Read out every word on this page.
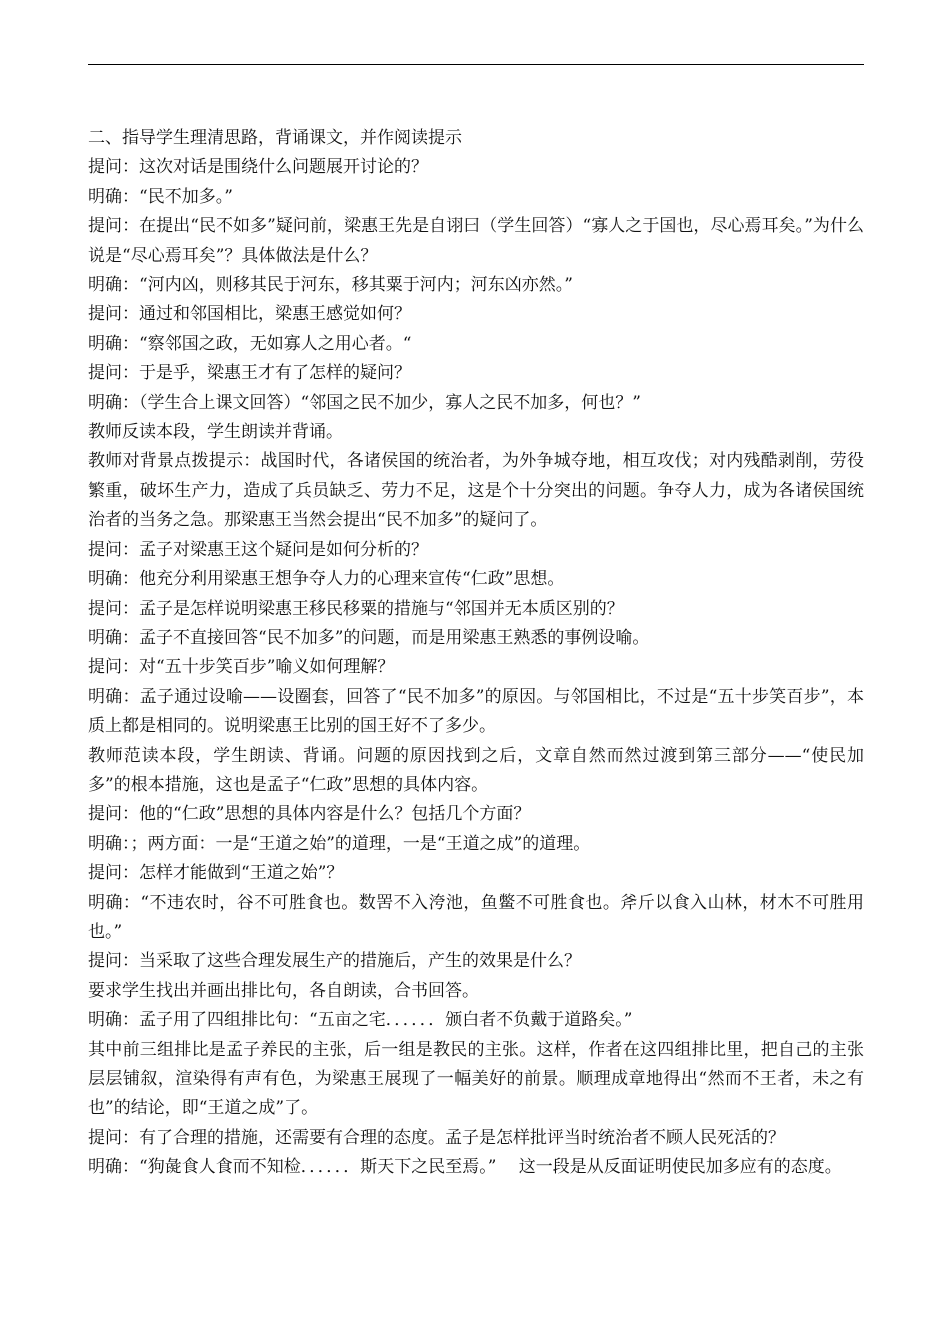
二、指导学生理清思路，背诵课文，并作阅读提示

提问：这次对话是围绕什么问题展开讨论的？

明确：“民不加多。”

提问：在提出“民不如多”疑问前，梁惠王先是自诩曰（学生回答）“寡人之于国也，尽心焉耳矣。”为什么说是“尽心焉耳矣”？具体做法是什么？

明确：“河内凶，则移其民于河东，移其粟于河内；河东凶亦然。”

提问：通过和邻国相比，梁惠王感觉如何？

明确：“察邻国之政，无如寡人之用心者。“

提问：于是乎，梁惠王才有了怎样的疑问？

明确：（学生合上课文回答）“邻国之民不加少，寡人之民不加多，何也？”

教师反读本段，学生朗读并背诵。

教师对背景点拨提示：战国时代，各诸侯国的统治者，为外争城夺地，相互攻伐；对内残酷剥削，劳役繁重，破坏生产力，造成了兵员缺乏、劳力不足，这是个十分突出的问题。争夺人力，成为各诸侯国统治者的当务之急。那梁惠王当然会提出“民不加多”的疑问了。

提问：孟子对梁惠王这个疑问是如何分析的？

明确：他充分利用梁惠王想争夺人力的心理来宣传“仁政”思想。

提问：孟子是怎样说明梁惠王移民移粟的措施与“邻国并无本质区别的？

明确：孟子不直接回答“民不加多”的问题，而是用梁惠王熟悉的事例设喻。

提问：对“五十步笑百步”喻义如何理解？

明确：孟子通过设喻——设圈套，回答了“民不加多”的原因。与邻国相比，不过是“五十步笑百步”，本质上都是相同的。说明梁惠王比别的国王好不了多少。

教师范读本段，学生朗读、背诵。问题的原因找到之后，文章自然而然过渡到第三部分——“使民加多”的根本措施，这也是孟子“仁政”思想的具体内容。

提问：他的“仁政”思想的具体内容是什么？包括几个方面？

明确：；两方面：一是“王道之始”的道理，一是“王道之成”的道理。

提问：怎样才能做到“王道之始”？

明确：“不违农时，谷不可胜食也。数罟不入洿池，鱼鳖不可胜食也。斧斤以食入山林，材木不可胜用也。”

提问：当采取了这些合理发展生产的措施后，产生的效果是什么？

要求学生找出并画出排比句，各自朗读，合书回答。

明确：孟子用了四组排比句：“五亩之宅．．．．．．颁白者不负戴于道路矣。”

其中前三组排比是孟子养民的主张，后一组是教民的主张。这样，作者在这四组排比里，把自己的主张层层铺叙，渲染得有声有色，为梁惠王展现了一幅美好的前景。顺理成章地得出“然而不王者，未之有也”的结论，即“王道之成”了。

提问：有了合理的措施，还需要有合理的态度。孟子是怎样批评当时统治者不顾人民死活的？

明确：“狗彘食人食而不知检．．．．．．斯天下之民至焉。”　 这一段是从反面证明使民加多应有的态度。
